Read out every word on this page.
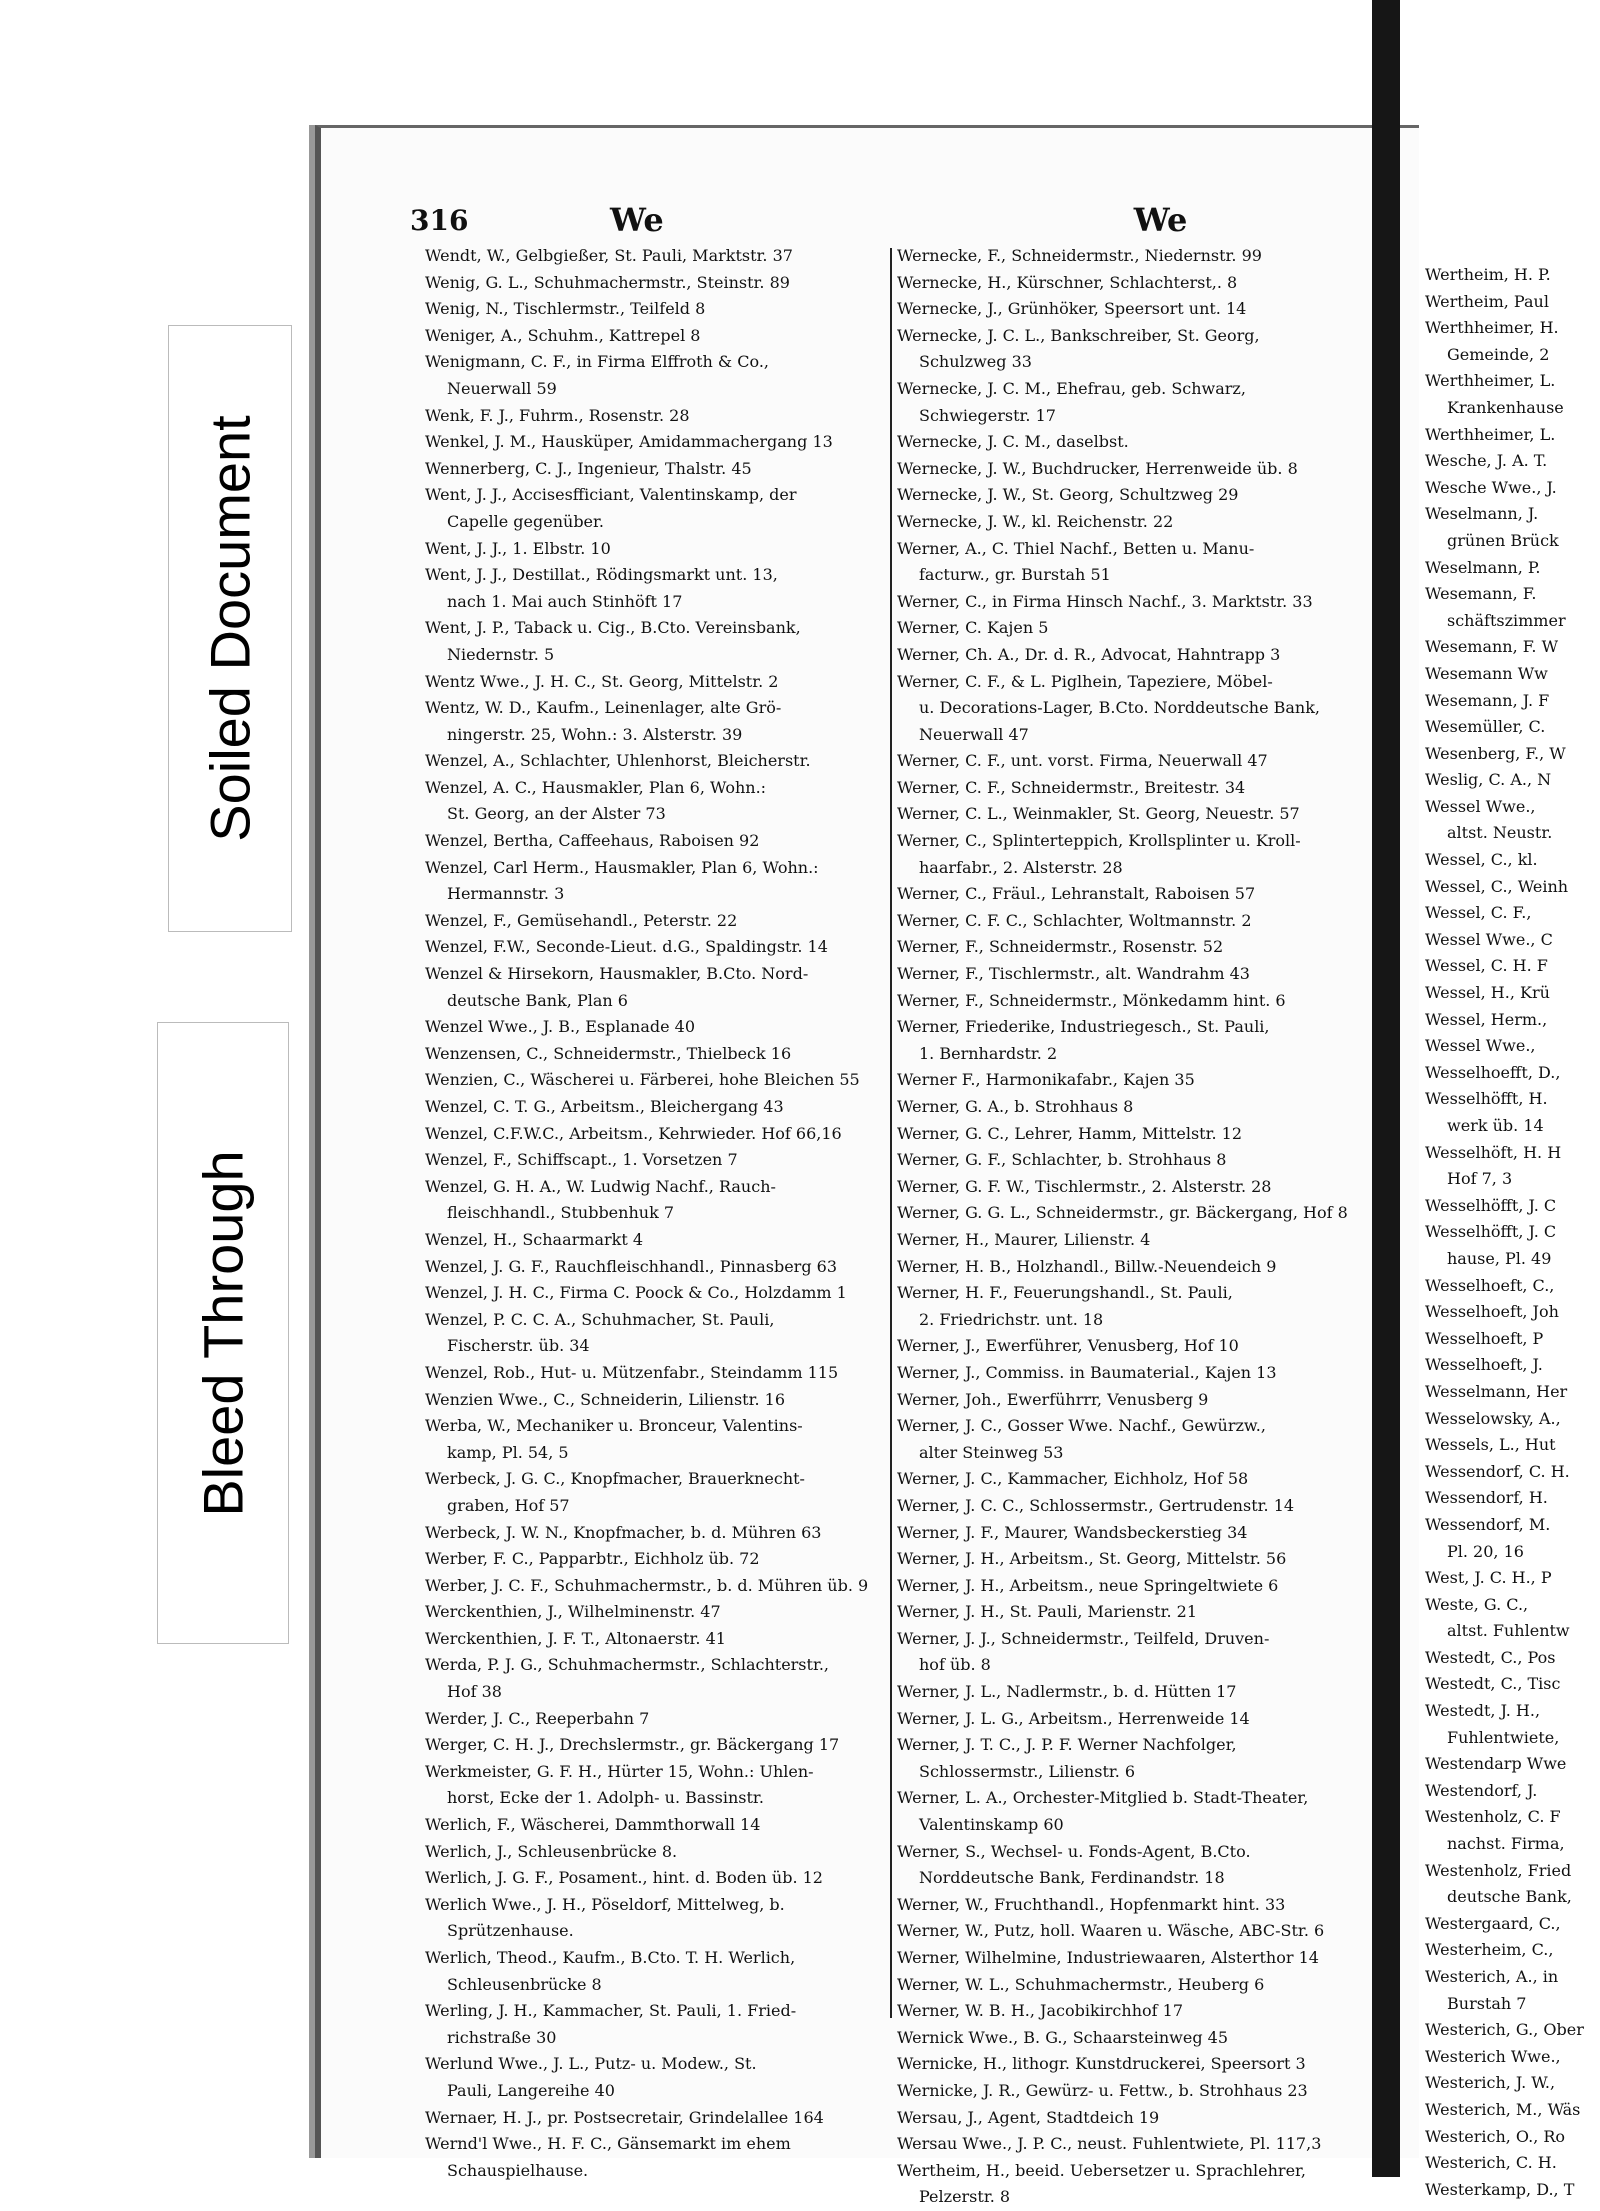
Soiled Document
Bleed Through
316	We	We
Wendt, W., Gelbgießer, St. Pauli, Marktstr. 37
Wenig, G. L., Schuhmachermstr., Steinstr. 89
Wenig, N., Tischlermstr., Teilfeld 8
Weniger, A., Schuhm., Kattrepel 8
Wenigmann, C. F., in Firma Elffroth & Co.,
Neuerwall 59
Wenk, F. J., Fuhrm., Rosenstr. 28
Wenkel, J. M., Hausküper, Amidammachergang 13
Wennerberg, C. J., Ingenieur, Thalstr. 45
Went, J. J., Accisesfficiant, Valentinskamp, der
Capelle gegenüber.
Went, J. J., 1. Elbstr. 10
Went, J. J., Destillat., Rödingsmarkt unt. 13,
nach 1. Mai auch Stinhöft 17
Went, J. P., Taback u. Cig., B.Cto. Vereinsbank,
Niedernstr. 5
Wentz Wwe., J. H. C., St. Georg, Mittelstr. 2
Wentz, W. D., Kaufm., Leinenlager, alte Grö-
ningerstr. 25, Wohn.: 3. Alsterstr. 39
Wenzel, A., Schlachter, Uhlenhorst, Bleicherstr.
Wenzel, A. C., Hausmakler, Plan 6, Wohn.:
St. Georg, an der Alster 73
Wenzel, Bertha, Caffeehaus, Raboisen 92
Wenzel, Carl Herm., Hausmakler, Plan 6, Wohn.:
Hermannstr. 3
Wenzel, F., Gemüsehandl., Peterstr. 22
Wenzel, F.W., Seconde-Lieut. d.G., Spaldingstr. 14
Wenzel & Hirsekorn, Hausmakler, B.Cto. Nord-
deutsche Bank, Plan 6
Wenzel Wwe., J. B., Esplanade 40
Wenzensen, C., Schneidermstr., Thielbeck 16
Wenzien, C., Wäscherei u. Färberei, hohe Bleichen 55
Wenzel, C. T. G., Arbeitsm., Bleichergang 43
Wenzel, C.F.W.C., Arbeitsm., Kehrwieder. Hof 66,16
Wenzel, F., Schiffscapt., 1. Vorsetzen 7
Wenzel, G. H. A., W. Ludwig Nachf., Rauch-
fleischhandl., Stubbenhuk 7
Wenzel, H., Schaarmarkt 4
Wenzel, J. G. F., Rauchfleischhandl., Pinnasberg 63
Wenzel, J. H. C., Firma C. Poock & Co., Holzdamm 1
Wenzel, P. C. C. A., Schuhmacher, St. Pauli,
Fischerstr. üb. 34
Wenzel, Rob., Hut- u. Mützenfabr., Steindamm 115
Wenzien Wwe., C., Schneiderin, Lilienstr. 16
Werba, W., Mechaniker u. Bronceur, Valentins-
kamp, Pl. 54, 5
Werbeck, J. G. C., Knopfmacher, Brauerknecht-
graben, Hof 57
Werbeck, J. W. N., Knopfmacher, b. d. Mühren 63
Werber, F. C., Papparbtr., Eichholz üb. 72
Werber, J. C. F., Schuhmachermstr., b. d. Mühren üb. 9
Werckenthien, J., Wilhelminenstr. 47
Werckenthien, J. F. T., Altonaerstr. 41
Werda, P. J. G., Schuhmachermstr., Schlachterstr.,
Hof 38
Werder, J. C., Reeperbahn 7
Werger, C. H. J., Drechslermstr., gr. Bäckergang 17
Werkmeister, G. F. H., Hürter 15, Wohn.: Uhlen-
horst, Ecke der 1. Adolph- u. Bassinstr.
Werlich, F., Wäscherei, Dammthorwall 14
Werlich, J., Schleusenbrücke 8.
Werlich, J. G. F., Posament., hint. d. Boden üb. 12
Werlich Wwe., J. H., Pöseldorf, Mittelweg, b.
Sprützenhause.
Werlich, Theod., Kaufm., B.Cto. T. H. Werlich,
Schleusenbrücke 8
Werling, J. H., Kammacher, St. Pauli, 1. Fried-
richstraße 30
Werlund Wwe., J. L., Putz- u. Modew., St.
Pauli, Langereihe 40
Wernaer, H. J., pr. Postsecretair, Grindelallee 164
Wernd'l Wwe., H. F. C., Gänsemarkt im ehem
Schauspielhause.
Wernecke, F., Schneidermstr., Niedernstr. 99
Wernecke, H., Kürschner, Schlachterst,. 8
Wernecke, J., Grünhöker, Speersort unt. 14
Wernecke, J. C. L., Bankschreiber, St. Georg,
Schulzweg 33
Wernecke, J. C. M., Ehefrau, geb. Schwarz,
Schwiegerstr. 17
Wernecke, J. C. M., daselbst.
Wernecke, J. W., Buchdrucker, Herrenweide üb. 8
Wernecke, J. W., St. Georg, Schultzweg 29
Wernecke, J. W., kl. Reichenstr. 22
Werner, A., C. Thiel Nachf., Betten u. Manu-
facturw., gr. Burstah 51
Werner, C., in Firma Hinsch Nachf., 3. Marktstr. 33
Werner, C. Kajen 5
Werner, Ch. A., Dr. d. R., Advocat, Hahntrapp 3
Werner, C. F., & L. Piglhein, Tapeziere, Möbel-
u. Decorations-Lager, B.Cto. Norddeutsche Bank,
Neuerwall 47
Werner, C. F., unt. vorst. Firma, Neuerwall 47
Werner, C. F., Schneidermstr., Breitestr. 34
Werner, C. L., Weinmakler, St. Georg, Neuestr. 57
Werner, C., Splinterteppich, Krollsplinter u. Kroll-
haarfabr., 2. Alsterstr. 28
Werner, C., Fräul., Lehranstalt, Raboisen 57
Werner, C. F. C., Schlachter, Woltmannstr. 2
Werner, F., Schneidermstr., Rosenstr. 52
Werner, F., Tischlermstr., alt. Wandrahm 43
Werner, F., Schneidermstr., Mönkedamm hint. 6
Werner, Friederike, Industriegesch., St. Pauli,
1. Bernhardstr. 2
Werner F., Harmonikafabr., Kajen 35
Werner, G. A., b. Strohhaus 8
Werner, G. C., Lehrer, Hamm, Mittelstr. 12
Werner, G. F., Schlachter, b. Strohhaus 8
Werner, G. F. W., Tischlermstr., 2. Alsterstr. 28
Werner, G. G. L., Schneidermstr., gr. Bäckergang, Hof 8
Werner, H., Maurer, Lilienstr. 4
Werner, H. B., Holzhandl., Billw.-Neuendeich 9
Werner, H. F., Feuerungshandl., St. Pauli,
2. Friedrichstr. unt. 18
Werner, J., Ewerführer, Venusberg, Hof 10
Werner, J., Commiss. in Baumaterial., Kajen 13
Werner, Joh., Ewerführrr, Venusberg 9
Werner, J. C., Gosser Wwe. Nachf., Gewürzw.,
alter Steinweg 53
Werner, J. C., Kammacher, Eichholz, Hof 58
Werner, J. C. C., Schlossermstr., Gertrudenstr. 14
Werner, J. F., Maurer, Wandsbeckerstieg 34
Werner, J. H., Arbeitsm., St. Georg, Mittelstr. 56
Werner, J. H., Arbeitsm., neue Springeltwiete 6
Werner, J. H., St. Pauli, Marienstr. 21
Werner, J. J., Schneidermstr., Teilfeld, Druven-
hof üb. 8
Werner, J. L., Nadlermstr., b. d. Hütten 17
Werner, J. L. G., Arbeitsm., Herrenweide 14
Werner, J. T. C., J. P. F. Werner Nachfolger,
Schlossermstr., Lilienstr. 6
Werner, L. A., Orchester-Mitglied b. Stadt-Theater,
Valentinskamp 60
Werner, S., Wechsel- u. Fonds-Agent, B.Cto.
Norddeutsche Bank, Ferdinandstr. 18
Werner, W., Fruchthandl., Hopfenmarkt hint. 33
Werner, W., Putz, holl. Waaren u. Wäsche, ABC-Str. 6
Werner, Wilhelmine, Industriewaaren, Alsterthor 14
Werner, W. L., Schuhmachermstr., Heuberg 6
Werner, W. B. H., Jacobikirchhof 17
Wernick Wwe., B. G., Schaarsteinweg 45
Wernicke, H., lithogr. Kunstdruckerei, Speersort 3
Wernicke, J. R., Gewürz- u. Fettw., b. Strohhaus 23
Wersau, J., Agent, Stadtdeich 19
Wersau Wwe., J. P. C., neust. Fuhlentwiete, Pl. 117,3
Wertheim, H., beeid. Uebersetzer u. Sprachlehrer,
Pelzerstr. 8
Wertheim, H. P.
Wertheim, Paul
Werthheimer, H.
Gemeinde, 2
Werthheimer, L.
Krankenhause
Werthheimer, L.
Wesche, J. A. T.
Wesche Wwe., J.
Weselmann, J.
grünen Brück
Weselmann, P.
Wesemann, F.
schäftszimmer
Wesemann, F. W
Wesemann Ww
Wesemann, J. F
Wesemüller, C.
Wesenberg, F., W
Weslig, C. A., N
Wessel Wwe.,
altst. Neustr.
Wessel, C., kl.
Wessel, C., Weinh
Wessel, C. F.,
Wessel Wwe., C
Wessel, C. H. F
Wessel, H., Krü
Wessel, Herm.,
Wessel Wwe.,
Wesselhoefft, D.,
Wesselhöfft, H.
werk üb. 14
Wesselhöft, H. H
Hof 7, 3
Wesselhöfft, J. C
Wesselhöfft, J. C
hause, Pl. 49
Wesselhoeft, C.,
Wesselhoeft, Joh
Wesselhoeft, P
Wesselhoeft, J.
Wesselmann, Her
Wesselowsky, A.,
Wessels, L., Hut
Wessendorf, C. H.
Wessendorf, H.
Wessendorf, M.
Pl. 20, 16
West, J. C. H., P
Weste, G. C.,
altst. Fuhlentw
Westedt, C., Pos
Westedt, C., Tisc
Westedt, J. H.,
Fuhlentwiete,
Westendarp Wwe
Westendorf, J.
Westenholz, C. F
nachst. Firma,
Westenholz, Fried
deutsche Bank,
Westergaard, C.,
Westerheim, C.,
Westerich, A., in
Burstah 7
Westerich, G., Ober
Westerich Wwe.,
Westerich, J. W.,
Westerich, M., Wäs
Westerich, O., Ro
Westerich, C. H.
Westerkamp, D., T
